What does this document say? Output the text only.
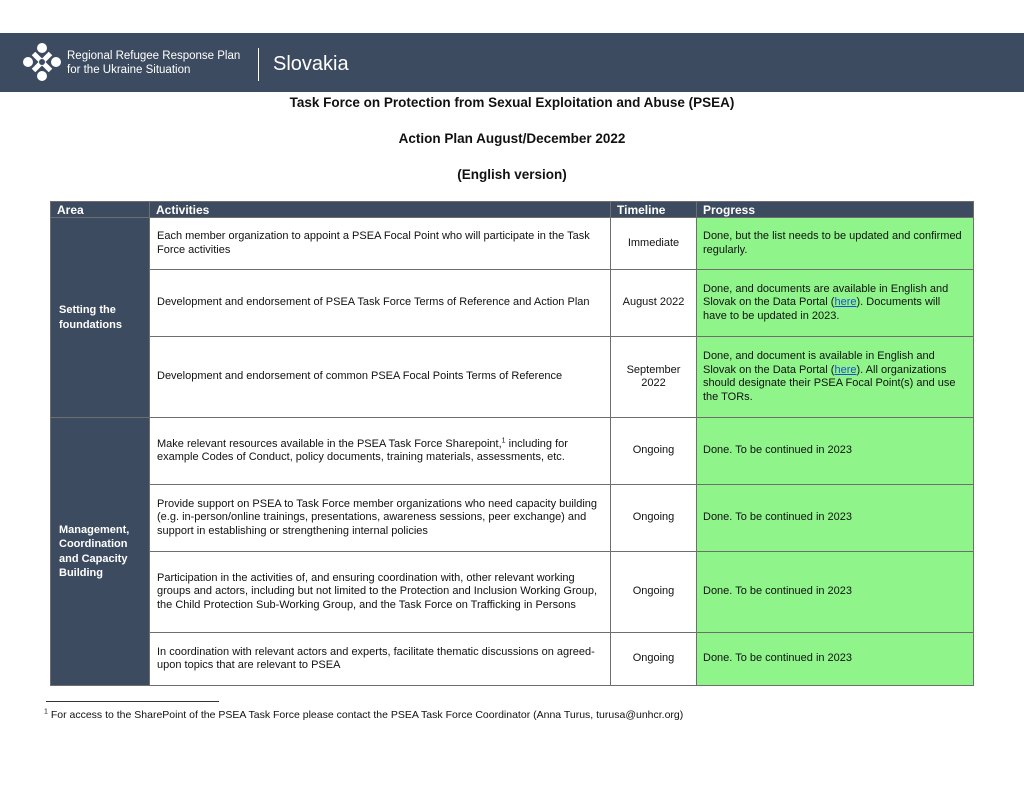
Regional Refugee Response Plan
for the Ukraine Situation	Slovakia
Task Force on Protection from Sexual Exploitation and Abuse (PSEA)
Action Plan August/December 2022
(English version)
Area	Activities	Timeline	Progress
Setting the foundations	Each member organization to appoint a PSEA Focal Point who will participate in the Task Force activities	Immediate	Done, but the list needs to be updated and confirmed regularly.
	Development and endorsement of PSEA Task Force Terms of Reference and Action Plan	August 2022	Done, and documents are available in English and Slovak on the Data Portal (here). Documents will have to be updated in 2023.
	Development and endorsement of common PSEA Focal Points Terms of Reference	September 2022	Done, and document is available in English and Slovak on the Data Portal (here). All organizations should designate their PSEA Focal Point(s) and use the TORs.
Management, Coordination and Capacity Building	Make relevant resources available in the PSEA Task Force Sharepoint,$^1$ including for example Codes of Conduct, policy documents, training materials, assessments, etc.	Ongoing	Done. To be continued in 2023
	Provide support on PSEA to Task Force member organizations who need capacity building (e.g. in-person/online trainings, presentations, awareness sessions, peer exchange) and support in establishing or strengthening internal policies	Ongoing	Done. To be continued in 2023
	Participation in the activities of, and ensuring coordination with, other relevant working groups and actors, including but not limited to the Protection and Inclusion Working Group, the Child Protection Sub-Working Group, and the Task Force on Trafficking in Persons	Ongoing	Done. To be continued in 2023
	In coordination with relevant actors and experts, facilitate thematic discussions on agreed-upon topics that are relevant to PSEA	Ongoing	Done. To be continued in 2023
$^1$ For access to the SharePoint of the PSEA Task Force please contact the PSEA Task Force Coordinator (Anna Turus, turusa@unhcr.org)
